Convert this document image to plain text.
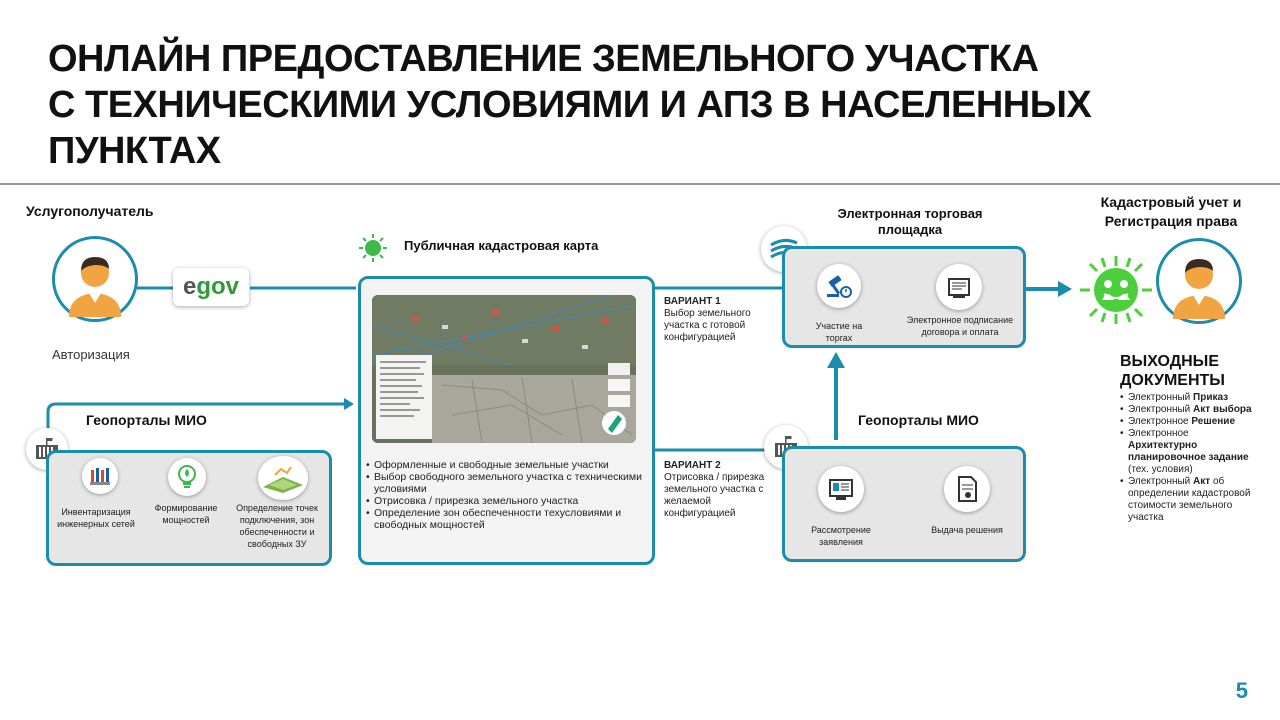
ОНЛАЙН ПРЕДОСТАВЛЕНИЕ ЗЕМЕЛЬНОГО УЧАСТКА
С ТЕХНИЧЕСКИМИ УСЛОВИЯМИ И АПЗ В НАСЕЛЕННЫХ
ПУНКТАХ
Услугополучатель
Авторизация
e gov
Геопорталы МИО
Инвентаризация инженерных сетей
Формирование мощностей
Определение точек подключения, зон обеспеченности и свободных ЗУ
Публичная кадастровая карта
• Оформленные и свободные земельные участки
• Выбор свободного земельного участка с техническими условиями
• Отрисовка / прирезка земельного участка
• Определение зон обеспеченности техусловиями и свободных мощностей
ВАРИАНТ 1
Выбор земельного участка с готовой конфигурацией
ВАРИАНТ 2
Отрисовка / прирезка земельного участка с желаемой конфигурацией
Электронная торговая
площадка
Участие на торгах
Электронное подписание договора и оплата
Геопорталы МИО
Рассмотрение заявления
Выдача решения
Кадастровый учет и
Регистрация права
ВЫХОДНЫЕ
ДОКУМЕНТЫ
• Электронный Приказ
• Электронный Акт выбора
• Электронное Решение
• Электронное Архитектурно планировочное задание (тех. условия)
• Электронный Акт об определении кадастровой стоимости земельного участка
5
